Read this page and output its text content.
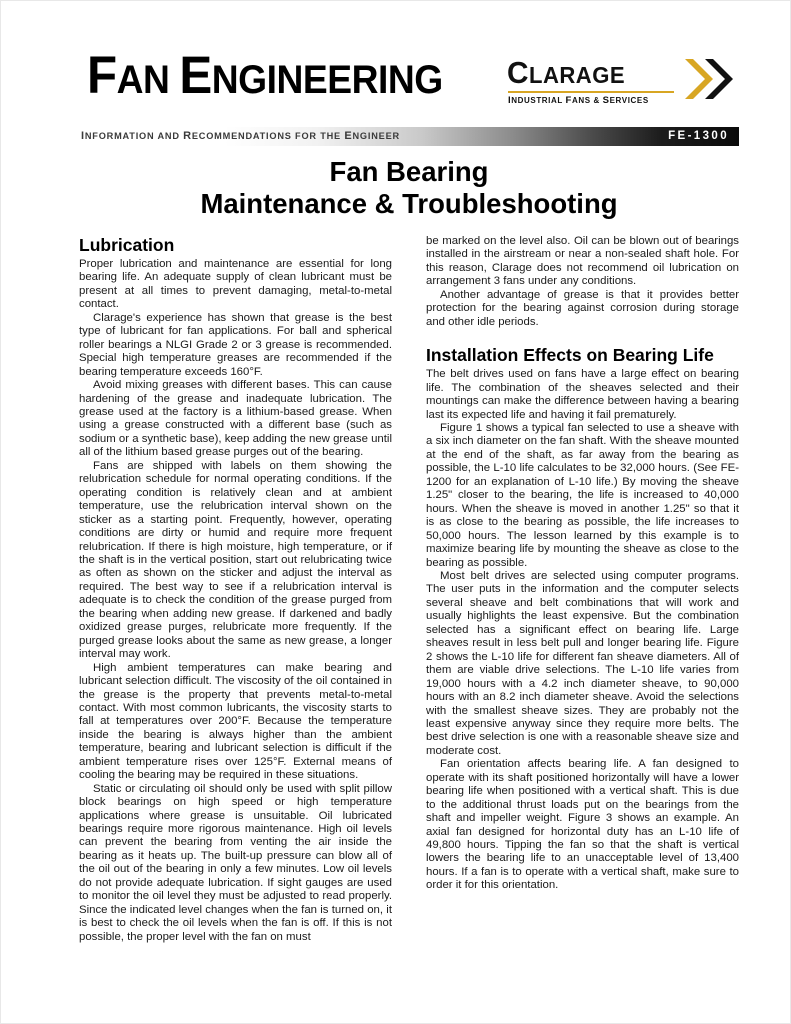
FAN ENGINEERING CLARAGE
INDUSTRIAL FANS & SERVICES
INFORMATION AND RECOMMENDATIONS FOR THE ENGINEER	FE-1300
Fan Bearing
Maintenance & Troubleshooting
Lubrication

Proper lubrication and maintenance are essential for long bearing life. An adequate supply of clean lubricant must be present at all times to prevent damaging, metal-to-metal contact.

Clarage's experience has shown that grease is the best type of lubricant for fan applications. For ball and spherical roller bearings a NLGI Grade 2 or 3 grease is recommended. Special high temperature greases are recommended if the bearing temperature exceeds 160°F.

Avoid mixing greases with different bases. This can cause hardening of the grease and inadequate lubrication. The grease used at the factory is a lithium-based grease. When using a grease constructed with a different base (such as sodium or a synthetic base), keep adding the new grease until all of the lithium based grease purges out of the bearing.

Fans are shipped with labels on them showing the relubrication schedule for normal operating conditions. If the operating condition is relatively clean and at ambient temperature, use the relubrication interval shown on the sticker as a starting point. Frequently, however, operating conditions are dirty or humid and require more frequent relubrication. If there is high moisture, high temperature, or if the shaft is in the vertical position, start out relubricating twice as often as shown on the sticker and adjust the interval as required. The best way to see if a relubrication interval is adequate is to check the condition of the grease purged from the bearing when adding new grease. If darkened and badly oxidized grease purges, relubricate more frequently. If the purged grease looks about the same as new grease, a longer interval may work.

High ambient temperatures can make bearing and lubricant selection difficult. The viscosity of the oil contained in the grease is the property that prevents metal-to-metal contact. With most common lubricants, the viscosity starts to fall at temperatures over 200°F. Because the temperature inside the bearing is always higher than the ambient temperature, bearing and lubricant selection is difficult if the ambient temperature rises over 125°F. External means of cooling the bearing may be required in these situations.

Static or circulating oil should only be used with split pillow block bearings on high speed or high temperature applications where grease is unsuitable. Oil lubricated bearings require more rigorous maintenance. High oil levels can prevent the bearing from venting the air inside the bearing as it heats up. The built-up pressure can blow all of the oil out of the bearing in only a few minutes. Low oil levels do not provide adequate lubrication. If sight gauges are used to monitor the oil level they must be adjusted to read properly. Since the indicated level changes when the fan is turned on, it is best to check the oil levels when the fan is off. If this is not possible, the proper level with the fan on must

be marked on the level also. Oil can be blown out of bearings installed in the airstream or near a non-sealed shaft hole. For this reason, Clarage does not recommend oil lubrication on arrangement 3 fans under any conditions.

Another advantage of grease is that it provides better protection for the bearing against corrosion during storage and other idle periods.

Installation Effects on Bearing Life

The belt drives used on fans have a large effect on bearing life. The combination of the sheaves selected and their mountings can make the difference between having a bearing last its expected life and having it fail prematurely.

Figure 1 shows a typical fan selected to use a sheave with a six inch diameter on the fan shaft. With the sheave mounted at the end of the shaft, as far away from the bearing as possible, the L-10 life calculates to be 32,000 hours. (See FE-1200 for an explanation of L-10 life.) By moving the sheave 1.25" closer to the bearing, the life is increased to 40,000 hours. When the sheave is moved in another 1.25" so that it is as close to the bearing as possible, the life increases to 50,000 hours. The lesson learned by this example is to maximize bearing life by mounting the sheave as close to the bearing as possible.

Most belt drives are selected using computer programs. The user puts in the information and the computer selects several sheave and belt combinations that will work and usually highlights the least expensive. But the combination selected has a significant effect on bearing life. Large sheaves result in less belt pull and longer bearing life. Figure 2 shows the L-10 life for different fan sheave diameters. All of them are viable drive selections. The L-10 life varies from 19,000 hours with a 4.2 inch diameter sheave, to 90,000 hours with an 8.2 inch diameter sheave. Avoid the selections with the smallest sheave sizes. They are probably not the least expensive anyway since they require more belts. The best drive selection is one with a reasonable sheave size and moderate cost.

Fan orientation affects bearing life. A fan designed to operate with its shaft positioned horizontally will have a lower bearing life when positioned with a vertical shaft. This is due to the additional thrust loads put on the bearings from the shaft and impeller weight. Figure 3 shows an example. An axial fan designed for horizontal duty has an L-10 life of 49,800 hours. Tipping the fan so that the shaft is vertical lowers the bearing life to an unacceptable level of 13,400 hours. If a fan is to operate with a vertical shaft, make sure to order it for this orientation.
